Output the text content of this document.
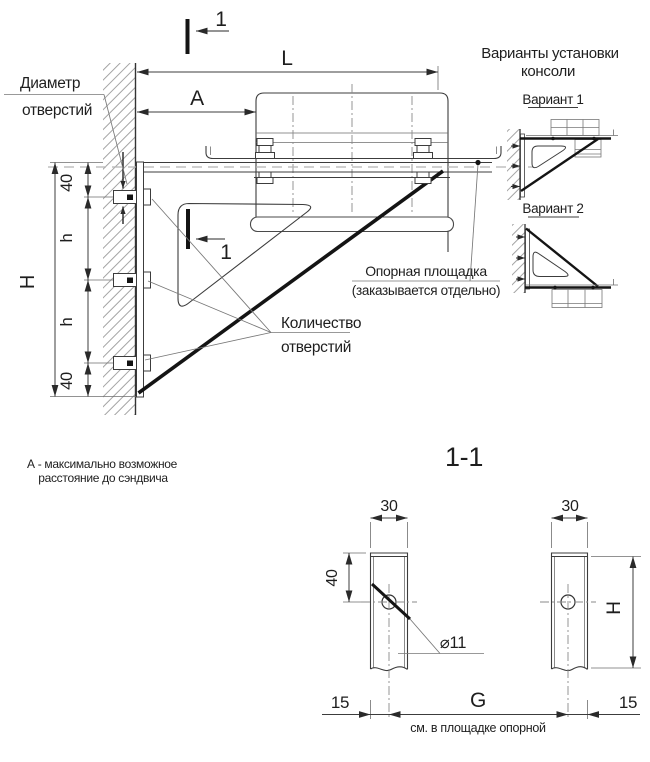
L
A
40
h
H
h
40
1
1
Диаметр
отверстий
Количество
отверстий
Опорная площадка
(заказывается отдельно)
А - максимально возможное
расстояние до сэндвича
Варианты установки
консоли
Вариант 1
Вариант 2
1-1
30	30
40
⌀11
H
15	G	15
см. в площадке опорной
